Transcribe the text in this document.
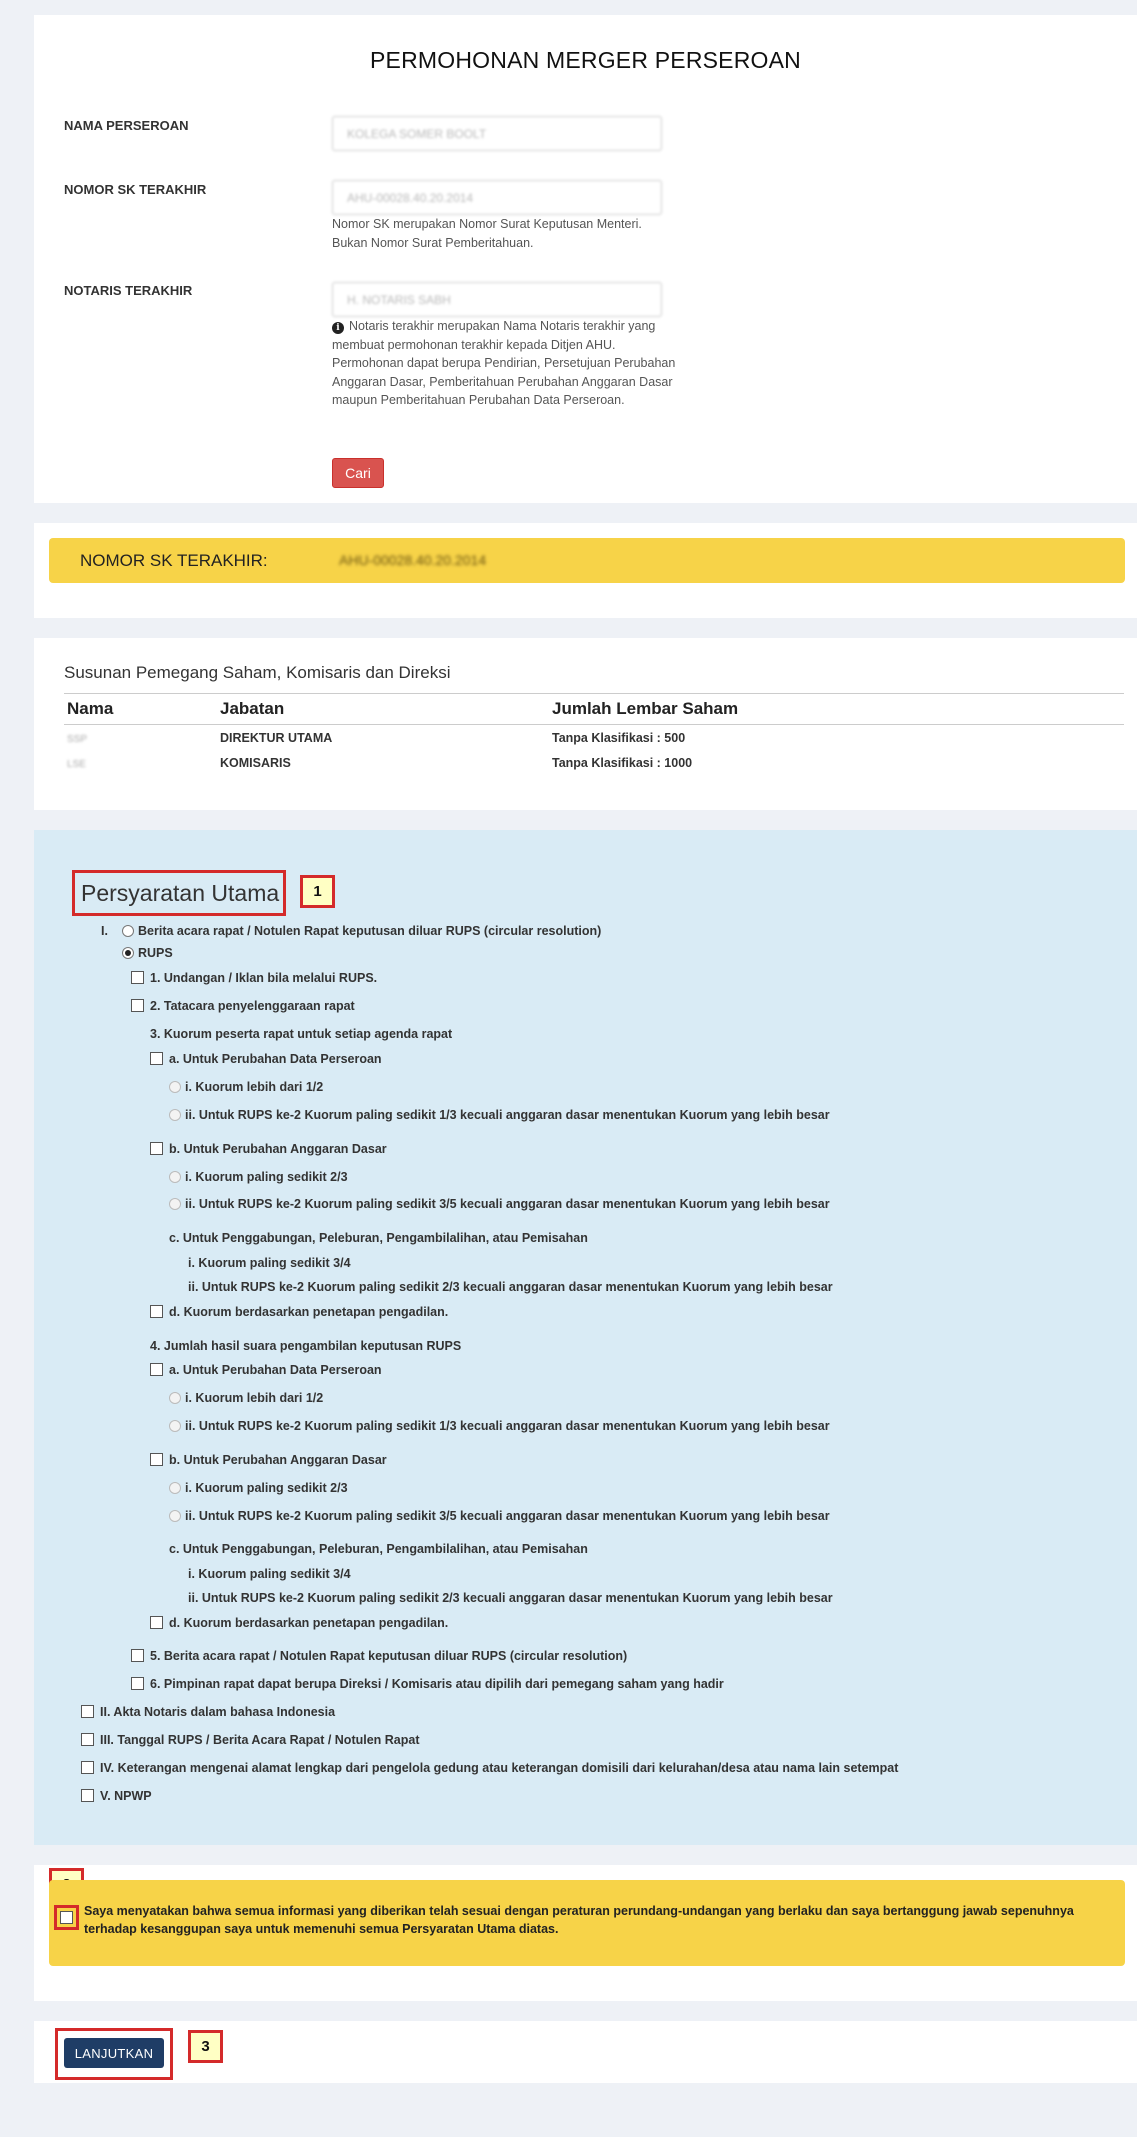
PERMOHONAN MERGER PERSEROAN
NAMA PERSEROAN
KOLEGA SOMER BOOLT
NOMOR SK TERAKHIR
AHU-00028.40.20.2014
Nomor SK merupakan Nomor Surat Keputusan Menteri. Bukan Nomor Surat Pemberitahuan.
NOTARIS TERAKHIR
H. NOTARIS SABH
i Notaris terakhir merupakan Nama Notaris terakhir yang membuat permohonan terakhir kepada Ditjen AHU. Permohonan dapat berupa Pendirian, Persetujuan Perubahan Anggaran Dasar, Pemberitahuan Perubahan Anggaran Dasar maupun Pemberitahuan Perubahan Data Perseroan.
Cari
NOMOR SK TERAKHIR:	AHU-00028.40.20.2014
Susunan Pemegang Saham, Komisaris dan Direksi
Nama	Jabatan	Jumlah Lembar Saham
SSP	DIREKTUR UTAMA	Tanpa Klasifikasi : 500
LSE	KOMISARIS	Tanpa Klasifikasi : 1000
Persyaratan Utama	1
I.	Berita acara rapat / Notulen Rapat keputusan diluar RUPS (circular resolution)
RUPS
1. Undangan / Iklan bila melalui RUPS.
2. Tatacara penyelenggaraan rapat
3. Kuorum peserta rapat untuk setiap agenda rapat
a. Untuk Perubahan Data Perseroan
i. Kuorum lebih dari 1/2
ii. Untuk RUPS ke-2 Kuorum paling sedikit 1/3 kecuali anggaran dasar menentukan Kuorum yang lebih besar
b. Untuk Perubahan Anggaran Dasar
i. Kuorum paling sedikit 2/3
ii. Untuk RUPS ke-2 Kuorum paling sedikit 3/5 kecuali anggaran dasar menentukan Kuorum yang lebih besar
c. Untuk Penggabungan, Peleburan, Pengambilalihan, atau Pemisahan
i. Kuorum paling sedikit 3/4
ii. Untuk RUPS ke-2 Kuorum paling sedikit 2/3 kecuali anggaran dasar menentukan Kuorum yang lebih besar
d. Kuorum berdasarkan penetapan pengadilan.
4. Jumlah hasil suara pengambilan keputusan RUPS
a. Untuk Perubahan Data Perseroan
i. Kuorum lebih dari 1/2
ii. Untuk RUPS ke-2 Kuorum paling sedikit 1/3 kecuali anggaran dasar menentukan Kuorum yang lebih besar
b. Untuk Perubahan Anggaran Dasar
i. Kuorum paling sedikit 2/3
ii. Untuk RUPS ke-2 Kuorum paling sedikit 3/5 kecuali anggaran dasar menentukan Kuorum yang lebih besar
c. Untuk Penggabungan, Peleburan, Pengambilalihan, atau Pemisahan
i. Kuorum paling sedikit 3/4
ii. Untuk RUPS ke-2 Kuorum paling sedikit 2/3 kecuali anggaran dasar menentukan Kuorum yang lebih besar
d. Kuorum berdasarkan penetapan pengadilan.
5. Berita acara rapat / Notulen Rapat keputusan diluar RUPS (circular resolution)
6. Pimpinan rapat dapat berupa Direksi / Komisaris atau dipilih dari pemegang saham yang hadir
II. Akta Notaris dalam bahasa Indonesia
III. Tanggal RUPS / Berita Acara Rapat / Notulen Rapat
IV. Keterangan mengenai alamat lengkap dari pengelola gedung atau keterangan domisili dari kelurahan/desa atau nama lain setempat
V. NPWP
Saya menyatakan bahwa semua informasi yang diberikan telah sesuai dengan peraturan perundang-undangan yang berlaku dan saya bertanggung jawab sepenuhnya terhadap kesanggupan saya untuk memenuhi semua Persyaratan Utama diatas.
LANJUTKAN	3
